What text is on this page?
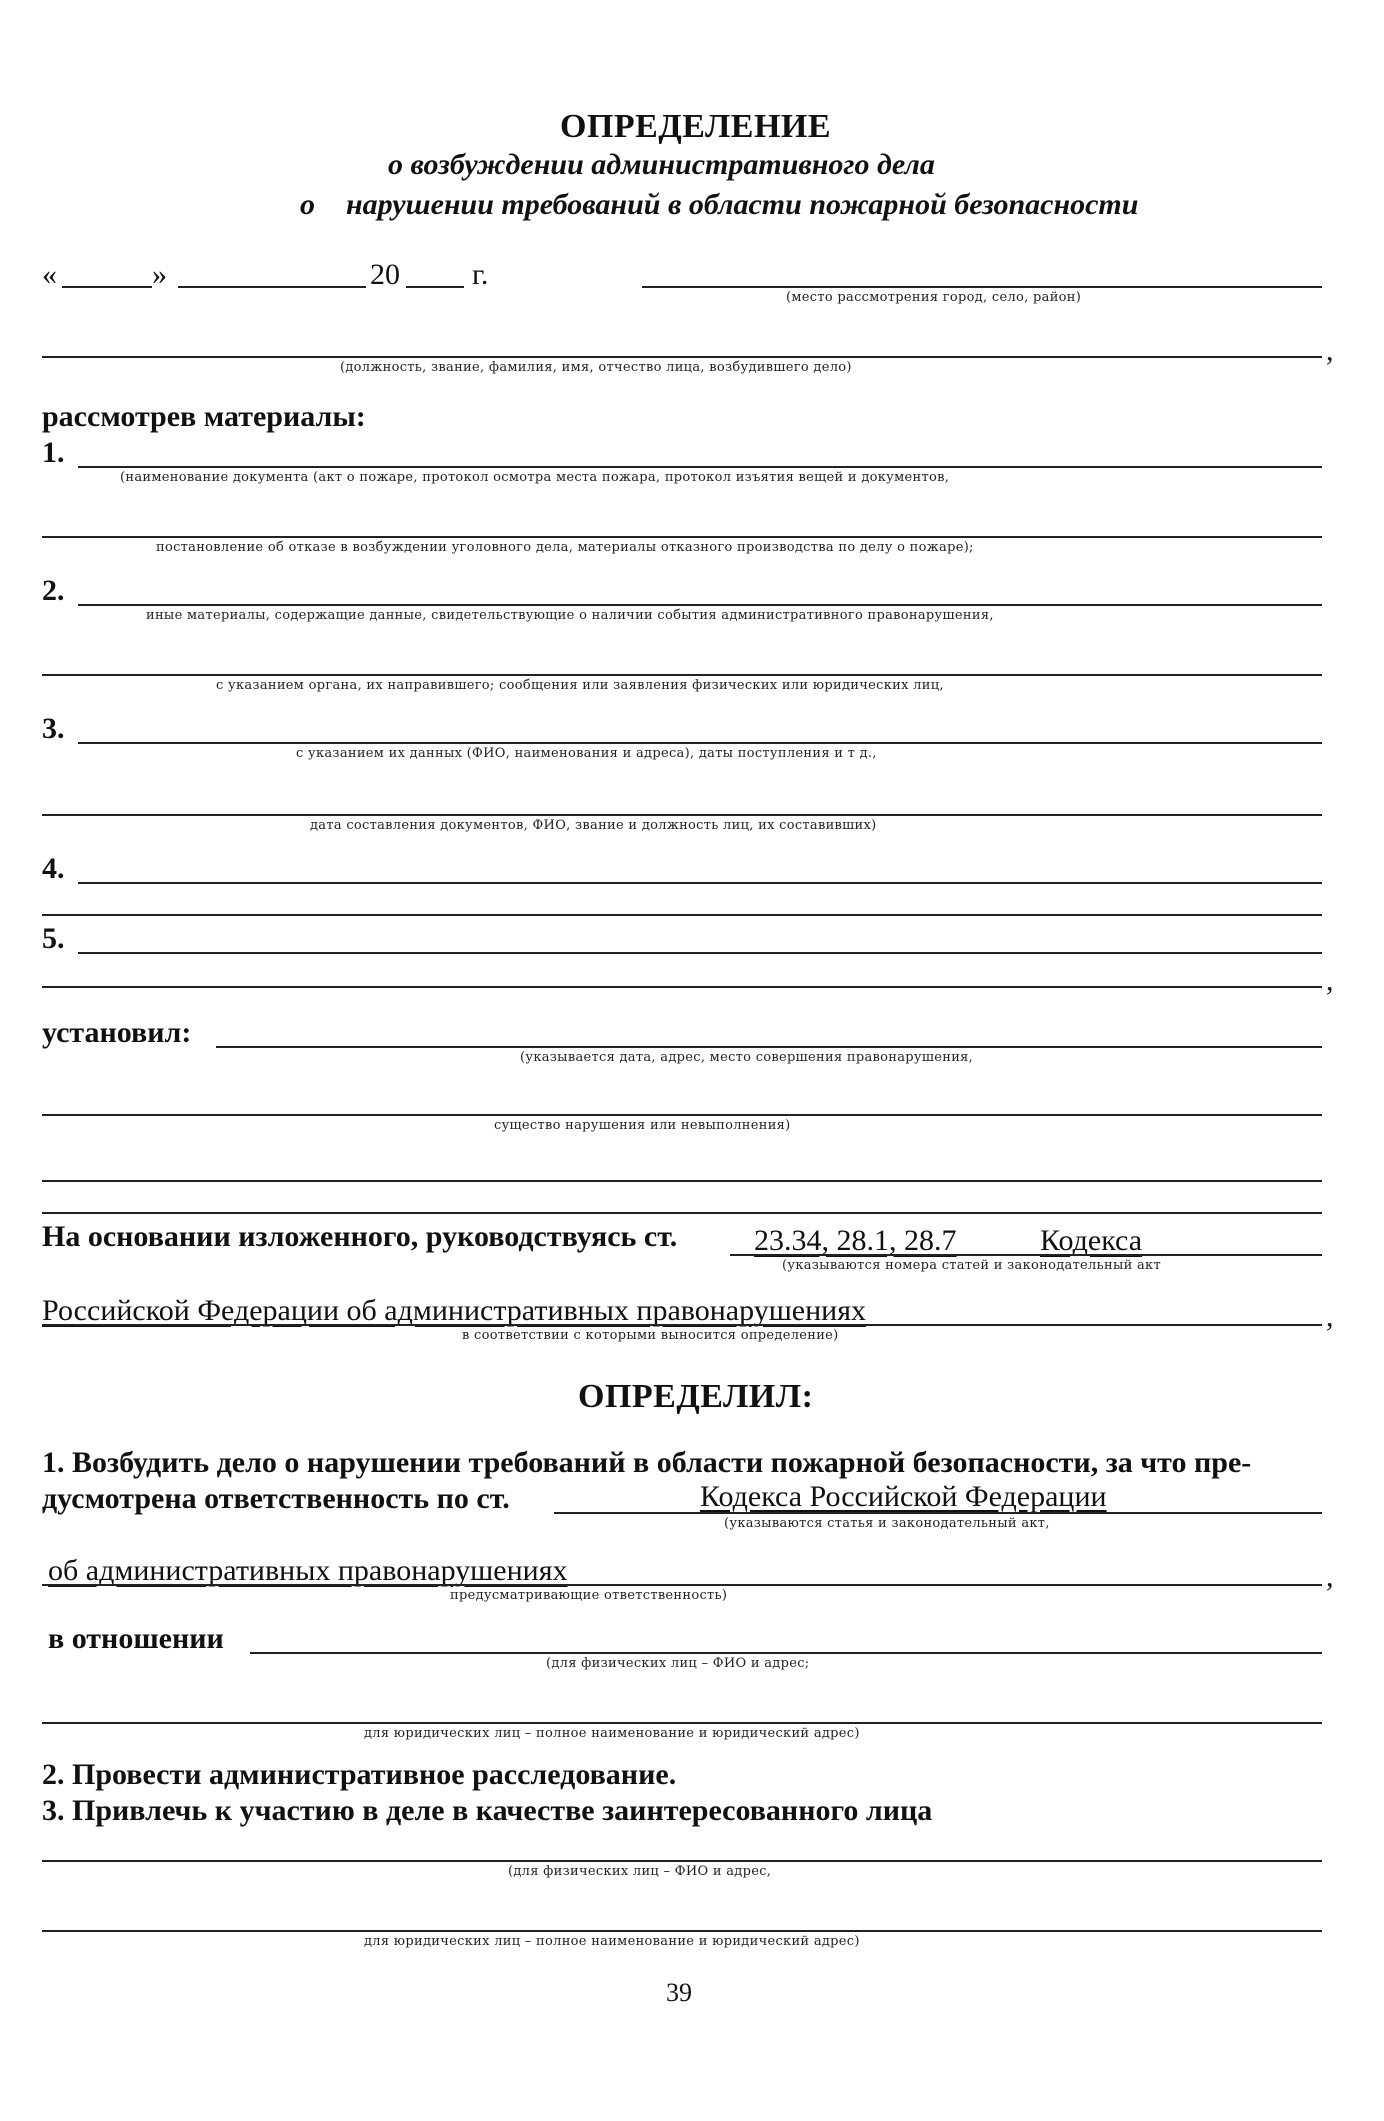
ОПРЕДЕЛЕНИЕ
о возбуждении административного дела
о нарушении требований в области пожарной безопасности
«	»	20 г.
(место рассмотрения город, село, район)
,
(должность, звание, фамилия, имя, отчество лица, возбудившего дело)
рассмотрев материалы:
1.
(наименование документа (акт о пожаре, протокол осмотра места пожара, протокол изъятия вещей и документов,
постановление об отказе в возбуждении уголовного дела, материалы отказного производства по делу о пожаре);
2.
иные материалы, содержащие данные, свидетельствующие о наличии события административного правонарушения,
с указанием органа, их направившего; сообщения или заявления физических или юридических лиц,
3.
с указанием их данных (ФИО, наименования и адреса), даты поступления и т д.,
дата составления документов, ФИО, звание и должность лиц, их составивших)
4.
5.
,
установил:
(указывается дата, адрес, место совершения правонарушения,
существо нарушения или невыполнения)
На основании изложенного, руководствуясь ст.	23.34, 28.1, 28.7	Кодекса
(указываются номера статей и законодательный акт
Российской Федерации об административных правонарушениях	,
в соответствии с которыми выносится определение)
ОПРЕДЕЛИЛ:
1. Возбудить дело о нарушении требований в области пожарной безопасности, за что пре-
дусмотрена ответственность по ст.	Кодекса Российской Федерации
(указываются статья и законодательный акт,
об административных правонарушениях	,
предусматривающие ответственность)
в отношении
(для физических лиц – ФИО и адрес;
для юридических лиц – полное наименование и юридический адрес)
2. Провести административное расследование.
3. Привлечь к участию в деле в качестве заинтересованного лица
(для физических лиц – ФИО и адрес,
для юридических лиц – полное наименование и юридический адрес)
39
